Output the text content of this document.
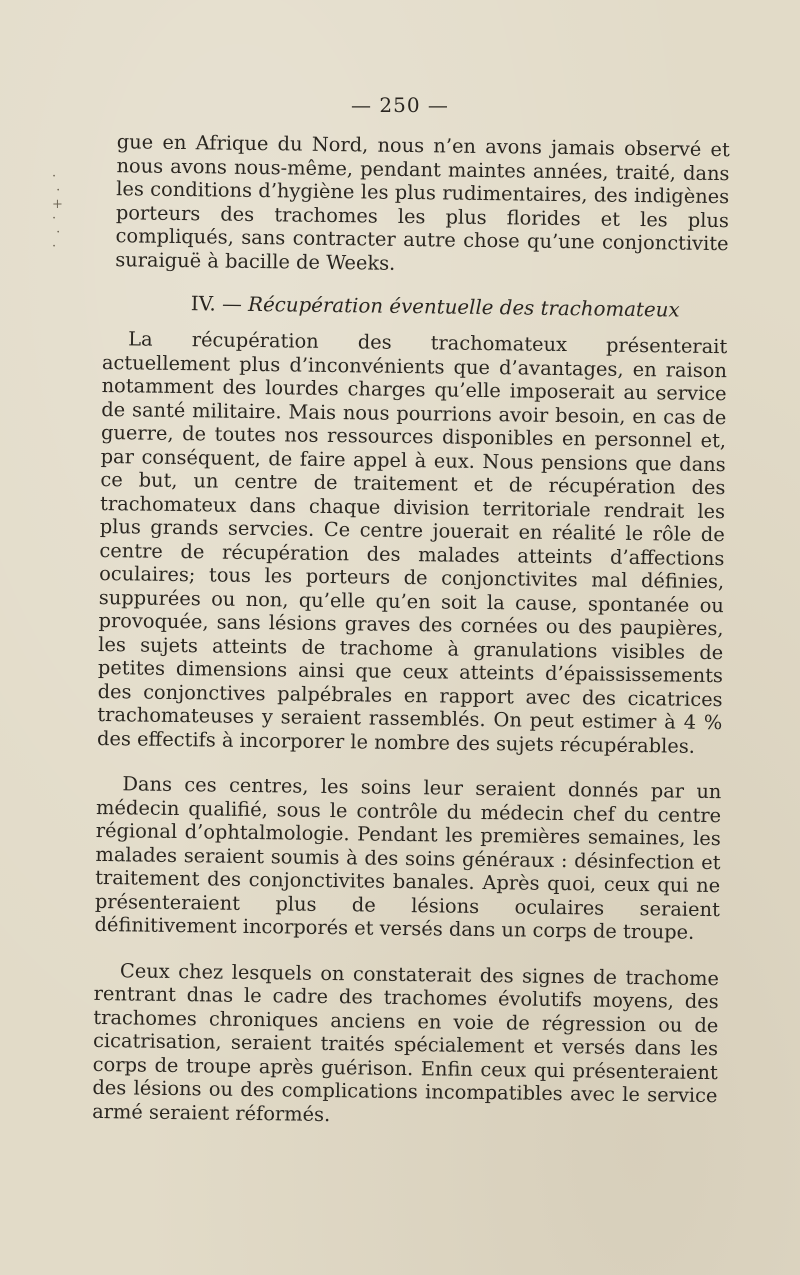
·
·
+
·
·
·
— 250 —

gue en Afrique du Nord, nous n’en avons jamais observé et nous avons nous-même, pendant maintes années, traité, dans les conditions d’hygiène les plus rudimentaires, des indigènes porteurs des trachomes les plus florides et les plus compliqués, sans contracter autre chose qu’une conjonctivite suraiguë à bacille de Weeks.

IV. — Récupération éventuelle des trachomateux

La récupération des trachomateux présenterait actuellement plus d’inconvénients que d’avantages, en raison notamment des lourdes charges qu’elle imposerait au service de santé militaire. Mais nous pourrions avoir besoin, en cas de guerre, de toutes nos ressources disponibles en personnel et, par conséquent, de faire appel à eux. Nous pensions que dans ce but, un centre de traitement et de récupération des trachomateux dans chaque division territoriale rendrait les plus grands servcies. Ce centre jouerait en réalité le rôle de centre de récupération des malades atteints d’affections oculaires; tous les porteurs de conjonctivites mal définies, suppurées ou non, qu’elle qu’en soit la cause, spontanée ou provoquée, sans lésions graves des cornées ou des paupières, les sujets atteints de trachome à granulations visibles de petites dimensions ainsi que ceux atteints d’épaississements des conjonctives palpébrales en rapport avec des cicatrices trachomateuses y seraient rassemblés. On peut estimer à 4 % des effectifs à incorporer le nombre des sujets récupérables.

Dans ces centres, les soins leur seraient donnés par un médecin qualifié, sous le contrôle du médecin chef du centre régional d’ophtalmologie. Pendant les premières semaines, les malades seraient soumis à des soins généraux : désinfection et traitement des conjonctivites banales. Après quoi, ceux qui ne présenteraient plus de lésions oculaires seraient définitivement incorporés et versés dans un corps de troupe.

Ceux chez lesquels on constaterait des signes de trachome rentrant dnas le cadre des trachomes évolutifs moyens, des trachomes chroniques anciens en voie de régression ou de cicatrisation, seraient traités spécialement et versés dans les corps de troupe après guérison. Enfin ceux qui présenteraient des lésions ou des complications incompatibles avec le service armé seraient réformés.
